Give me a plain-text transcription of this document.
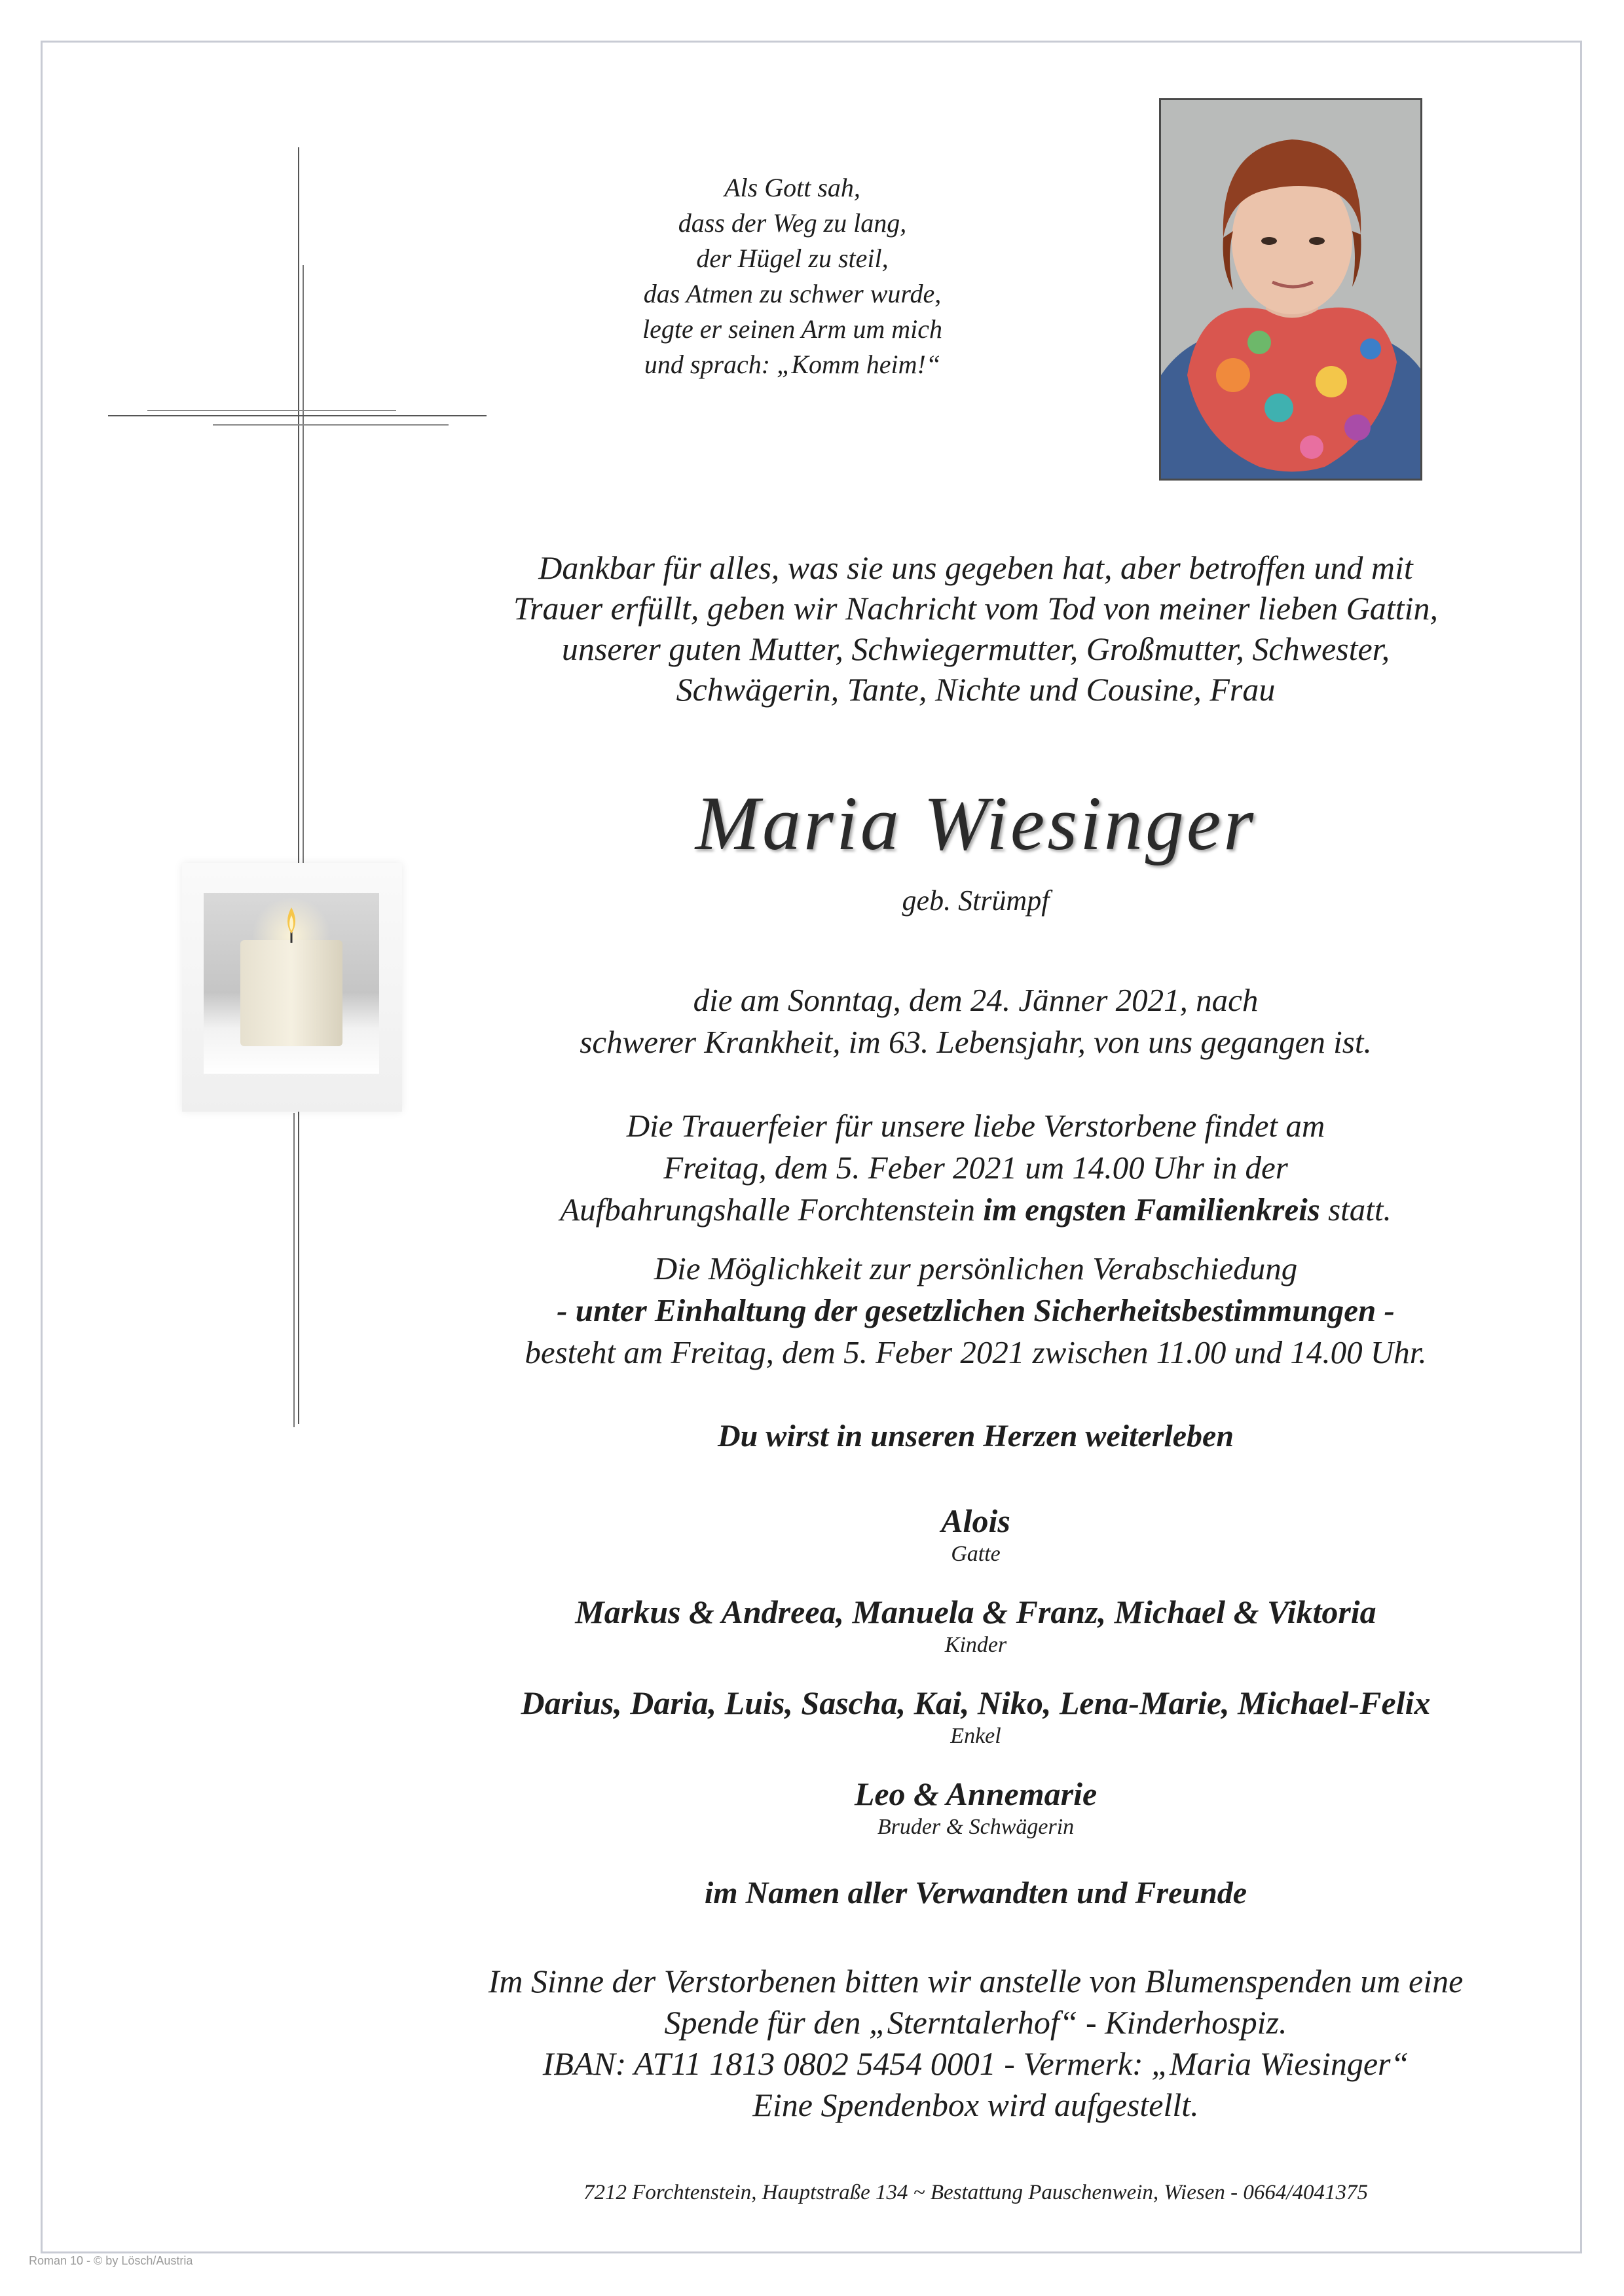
Als Gott sah,
dass der Weg zu lang,
der Hügel zu steil,
das Atmen zu schwer wurde,
legte er seinen Arm um mich
und sprach: „Komm heim!“
Dankbar für alles, was sie uns gegeben hat, aber betroffen und mit
Trauer erfüllt, geben wir Nachricht vom Tod von meiner lieben Gattin,
unserer guten Mutter, Schwiegermutter, Großmutter, Schwester,
Schwägerin, Tante, Nichte und Cousine, Frau
Maria Wiesinger
geb. Strümpf
die am Sonntag, dem 24. Jänner 2021, nach
schwerer Krankheit, im 63. Lebensjahr, von uns gegangen ist.
Die Trauerfeier für unsere liebe Verstorbene findet am
Freitag, dem 5. Feber 2021 um 14.00 Uhr in der
Aufbahrungshalle Forchtenstein im engsten Familienkreis statt.
Die Möglichkeit zur persönlichen Verabschiedung
- unter Einhaltung der gesetzlichen Sicherheitsbestimmungen -
besteht am Freitag, dem 5. Feber 2021 zwischen 11.00 und 14.00 Uhr.
Du wirst in unseren Herzen weiterleben
Alois
Gatte
Markus & Andreea, Manuela & Franz, Michael & Viktoria
Kinder
Darius, Daria, Luis, Sascha, Kai, Niko, Lena-Marie, Michael-Felix
Enkel
Leo & Annemarie
Bruder & Schwägerin
im Namen aller Verwandten und Freunde
Im Sinne der Verstorbenen bitten wir anstelle von Blumenspenden um eine
Spende für den „Sterntalerhof“ - Kinderhospiz.
IBAN: AT11 1813 0802 5454 0001 - Vermerk: „Maria Wiesinger“
Eine Spendenbox wird aufgestellt.
7212 Forchtenstein, Hauptstraße 134 ~ Bestattung Pauschenwein, Wiesen - 0664/4041375
Roman 10 - © by Lösch/Austria
